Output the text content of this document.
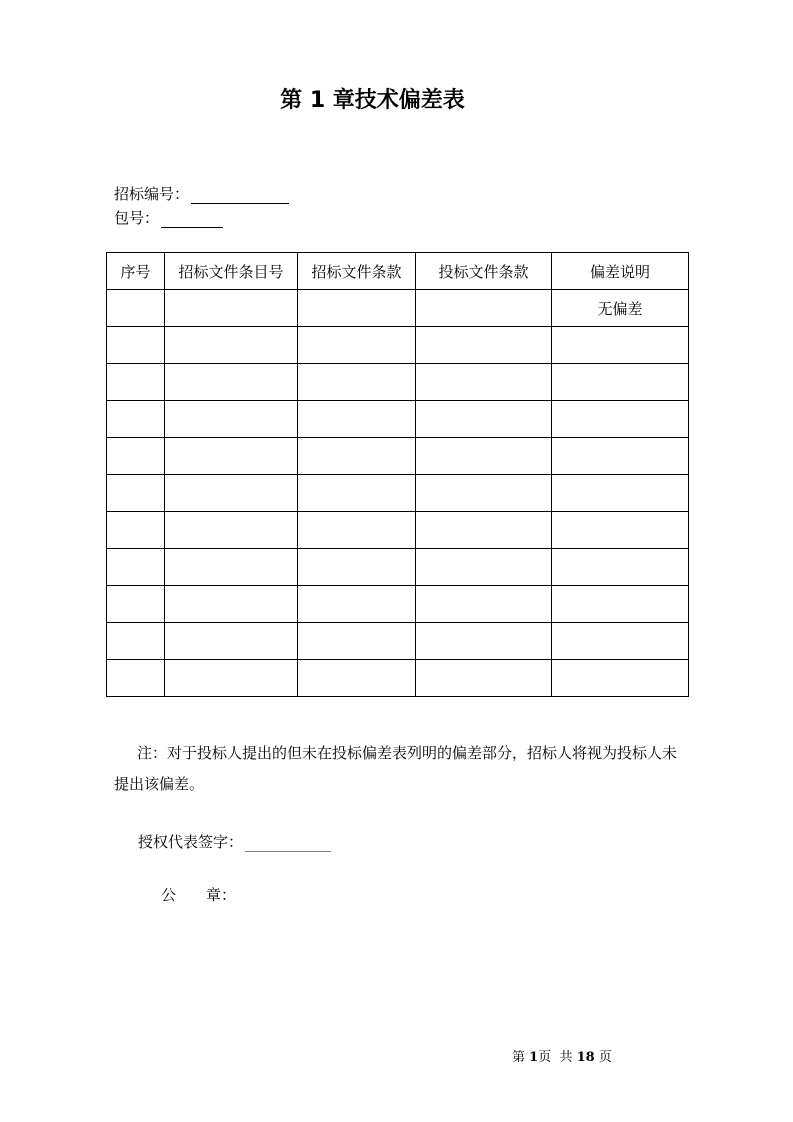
第 1 章技术偏差表
招标编号：
包号：
序号	招标文件条目号	招标文件条款	投标文件条款	偏差说明
				无偏差

注：对于投标人提出的但未在投标偏差表列明的偏差部分，招标人将视为投标人未提出该偏差。
授权代表签字：
公　　章：
第 1页  共 18 页
